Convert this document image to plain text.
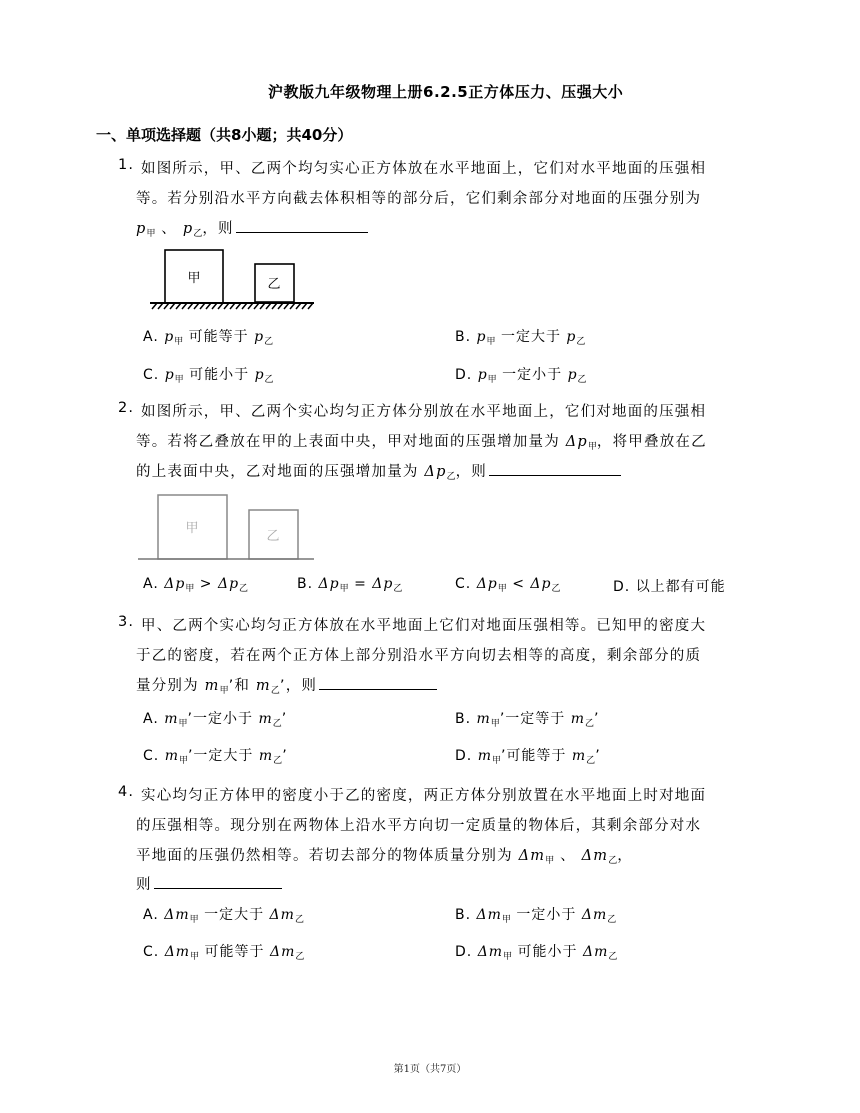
沪教版九年级物理上册6.2.5正方体压力、压强大小
一、单项选择题（共8小题；共40分）
1. 如图所示，甲、乙两个均匀实心正方体放在水平地面上，它们对水平地面的压强相
等。若分别沿水平方向截去体积相等的部分后，它们剩余部分对地面的压强分别为
$p_甲$ 、 $p_乙$，则
甲	乙
A. $p_甲$ 可能等于 $p_乙$	B. $p_甲$ 一定大于 $p_乙$
C. $p_甲$ 可能小于 $p_乙$	D. $p_甲$ 一定小于 $p_乙$
2. 如图所示，甲、乙两个实心均匀正方体分别放在水平地面上，它们对地面的压强相
等。若将乙叠放在甲的上表面中央，甲对地面的压强增加量为 $\Delta p_甲$，将甲叠放在乙
的上表面中央，乙对地面的压强增加量为 $\Delta p_乙$，则
甲
乙
A. $\Delta p_甲 > \Delta p_乙$	B. $\Delta p_甲 = \Delta p_乙$	C. $\Delta p_甲 < \Delta p_乙$	D. 以上都有可能
3. 甲、乙两个实心均匀正方体放在水平地面上它们对地面压强相等。已知甲的密度大
于乙的密度，若在两个正方体上部分别沿水平方向切去相等的高度，剩余部分的质
量分别为 $m_甲$’和 $m_乙$’，则
A. $m_甲$’一定小于 $m_乙$’	B. $m_甲$’一定等于 $m_乙$’
C. $m_甲$’一定大于 $m_乙$’	D. $m_甲$’可能等于 $m_乙$’
4. 实心均匀正方体甲的密度小于乙的密度，两正方体分别放置在水平地面上时对地面
的压强相等。现分别在两物体上沿水平方向切一定质量的物体后，其剩余部分对水
平地面的压强仍然相等。若切去部分的物体质量分别为 $\Delta m_甲$ 、 $\Delta m_乙$，
则
A. $\Delta m_甲$ 一定大于 $\Delta m_乙$	B. $\Delta m_甲$ 一定小于 $\Delta m_乙$
C. $\Delta m_甲$ 可能等于 $\Delta m_乙$	D. $\Delta m_甲$ 可能小于 $\Delta m_乙$
第1页（共7页）
